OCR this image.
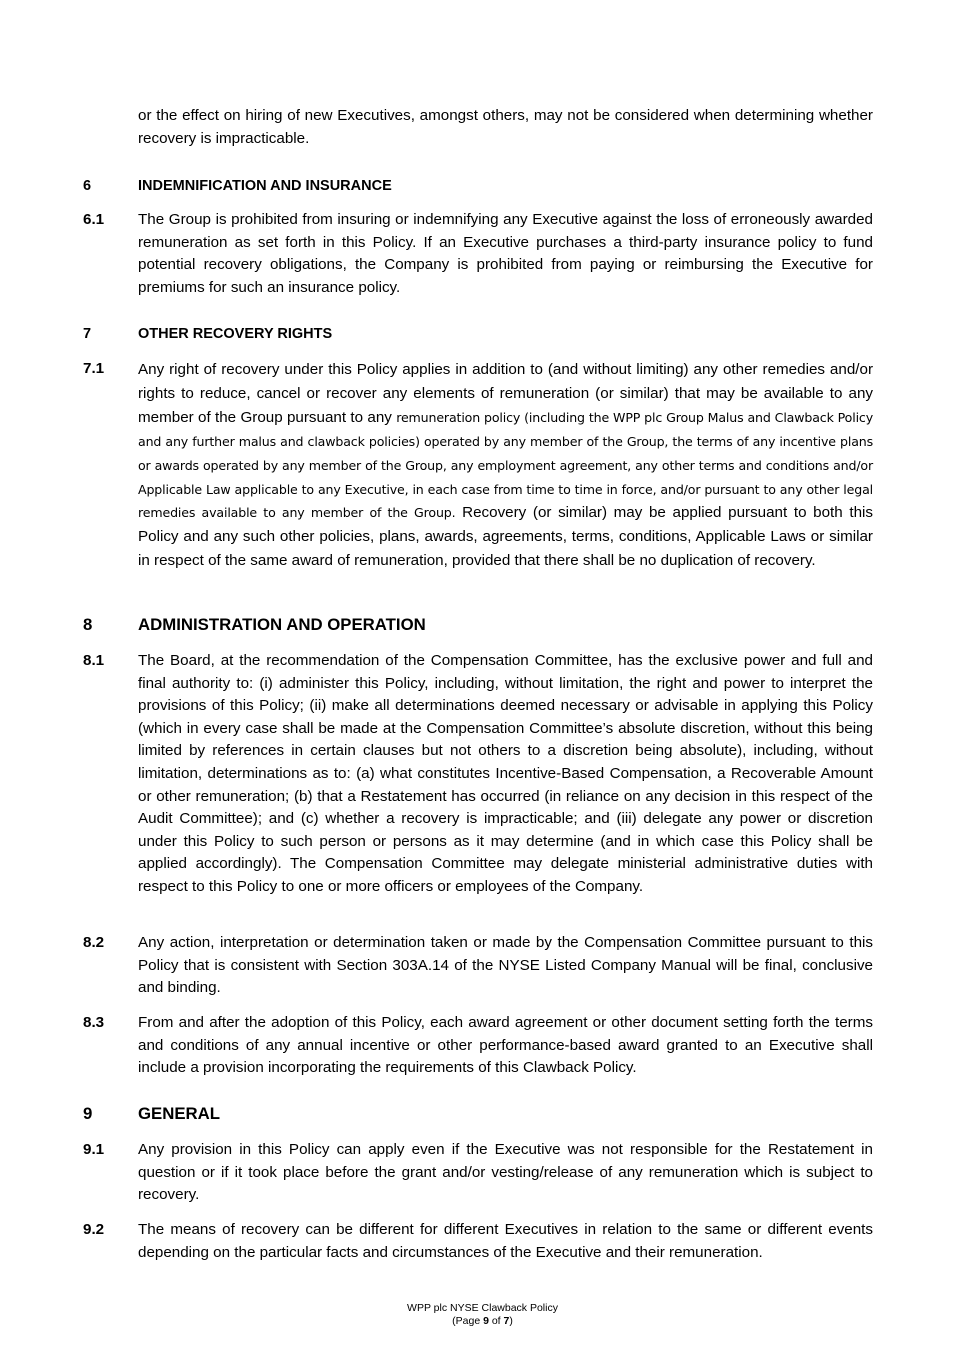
or the effect on hiring of new Executives, amongst others, may not be considered when determining whether recovery is impracticable.
6	INDEMNIFICATION AND INSURANCE
6.1 The Group is prohibited from insuring or indemnifying any Executive against the loss of erroneously awarded remuneration as set forth in this Policy. If an Executive purchases a third-party insurance policy to fund potential recovery obligations, the Company is prohibited from paying or reimbursing the Executive for premiums for such an insurance policy.
7	OTHER RECOVERY RIGHTS
7.1 Any right of recovery under this Policy applies in addition to (and without limiting) any other remedies and/or rights to reduce, cancel or recover any elements of remuneration (or similar) that may be available to any member of the Group pursuant to any remuneration policy (including the WPP plc Group Malus and Clawback Policy and any further malus and clawback policies) operated by any member of the Group, the terms of any incentive plans or awards operated by any member of the Group, any employment agreement, any other terms and conditions and/or Applicable Law applicable to any Executive, in each case from time to time in force, and/or pursuant to any other legal remedies available to any member of the Group. Recovery (or similar) may be applied pursuant to both this Policy and any such other policies, plans, awards, agreements, terms, conditions, Applicable Laws or similar in respect of the same award of remuneration, provided that there shall be no duplication of recovery.
8	ADMINISTRATION AND OPERATION
8.1 The Board, at the recommendation of the Compensation Committee, has the exclusive power and full and final authority to: (i) administer this Policy, including, without limitation, the right and power to interpret the provisions of this Policy; (ii) make all determinations deemed necessary or advisable in applying this Policy (which in every case shall be made at the Compensation Committee’s absolute discretion, without this being limited by references in certain clauses but not others to a discretion being absolute), including, without limitation, determinations as to: (a) what constitutes Incentive-Based Compensation, a Recoverable Amount or other remuneration; (b) that a Restatement has occurred (in reliance on any decision in this respect of the Audit Committee); and (c) whether a recovery is impracticable; and (iii) delegate any power or discretion under this Policy to such person or persons as it may determine (and in which case this Policy shall be applied accordingly). The Compensation Committee may delegate ministerial administrative duties with respect to this Policy to one or more officers or employees of the Company.
8.2 Any action, interpretation or determination taken or made by the Compensation Committee pursuant to this Policy that is consistent with Section 303A.14 of the NYSE Listed Company Manual will be final, conclusive and binding.
8.3 From and after the adoption of this Policy, each award agreement or other document setting forth the terms and conditions of any annual incentive or other performance-based award granted to an Executive shall include a provision incorporating the requirements of this Clawback Policy.
9	GENERAL
9.1 Any provision in this Policy can apply even if the Executive was not responsible for the Restatement in question or if it took place before the grant and/or vesting/release of any remuneration which is subject to recovery.
9.2 The means of recovery can be different for different Executives in relation to the same or different events depending on the particular facts and circumstances of the Executive and their remuneration.
WPP plc NYSE Clawback Policy
(Page 9 of 7)
